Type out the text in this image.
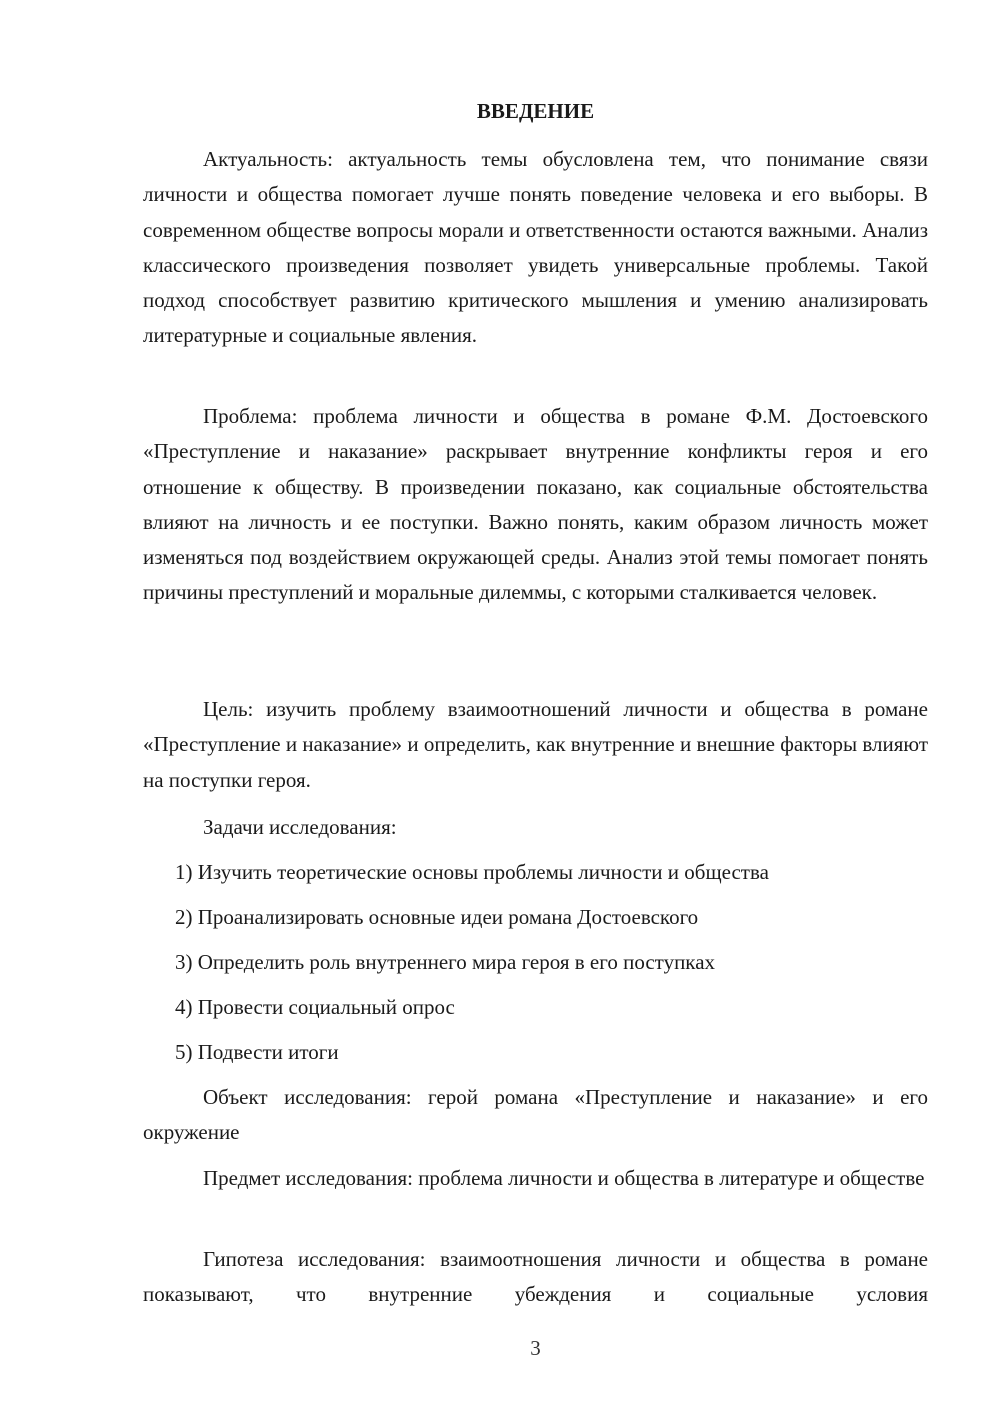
ВВЕДЕНИЕ

Актуальность: актуальность темы обусловлена тем, что понимание связи личности и общества помогает лучше понять поведение человека и его выборы. В современном обществе вопросы морали и ответственности остаются важными. Анализ классического произведения позволяет увидеть универсальные проблемы. Такой подход способствует развитию критического мышления и умению анализировать литературные и социальные явления.

Проблема: проблема личности и общества в романе Ф.М. Достоевского «Преступление и наказание» раскрывает внутренние конфликты героя и его отношение к обществу. В произведении показано, как социальные обстоятельства влияют на личность и ее поступки. Важно понять, каким образом личность может изменяться под воздействием окружающей среды. Анализ этой темы помогает понять причины преступлений и моральные дилеммы, с которыми сталкивается человек.

Цель: изучить проблему взаимоотношений личности и общества в романе «Преступление и наказание» и определить, как внутренние и внешние факторы влияют на поступки героя.

Задачи исследования:

1) Изучить теоретические основы проблемы личности и общества

2) Проанализировать основные идеи романа Достоевского

3) Определить роль внутреннего мира героя в его поступках

4) Провести социальный опрос

5) Подвести итоги

Объект исследования: герой романа «Преступление и наказание» и его окружение

Предмет исследования: проблема личности и общества в литературе и обществе

Гипотеза исследования: взаимоотношения личности и общества в романе показывают, что внутренние убеждения и социальные условия

3
